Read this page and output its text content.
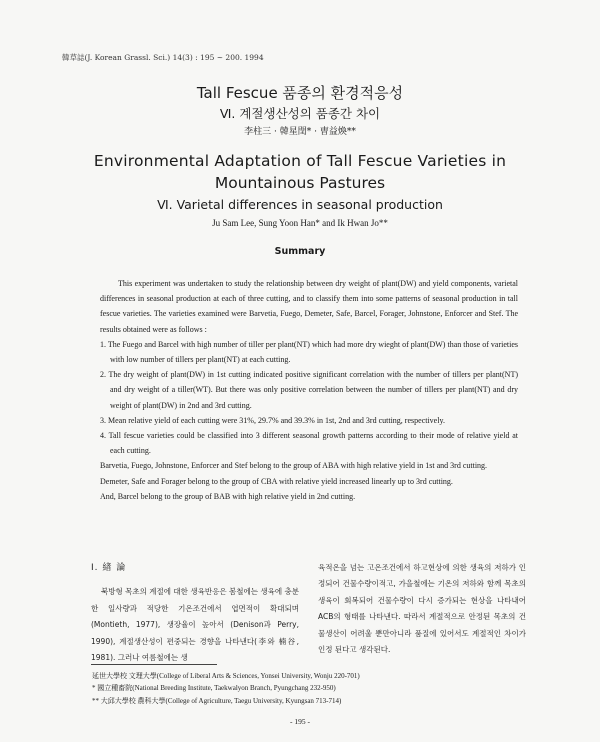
韓草誌(J. Korean Grassl. Sci.) 14(3) : 195 ~ 200. 1994
Tall Fescue 품종의 환경적응성
Ⅵ. 계절생산성의 품종간 차이
李柱三 · 韓星閏* · 曺益煥**
Environmental Adaptation of Tall Fescue Varieties in
Mountainous Pastures
Ⅵ. Varietal differences in seasonal production
Ju Sam Lee, Sung Yoon Han* and Ik Hwan Jo**
Summary

This experiment was undertaken to study the relationship between dry weight of plant(DW) and yield components, varietal differences in seasonal production at each of three cutting, and to classify them into some patterns of seasonal production in tall fescue varieties. The varieties examined were Barvetia, Fuego, Demeter, Safe, Barcel, Forager, Johnstone, Enforcer and Stef. The results obtained were as follows :

1. The Fuego and Barcel with high number of tiller per plant(NT) which had more dry wieght of plant(DW) than those of varieties with low number of tillers per plant(NT) at each cutting.

2. The dry weight of plant(DW) in 1st cutting indicated positive significant correlation with the number of tillers per plant(NT) and dry weight of a tiller(WT). But there was only positive correlation between the number of tillers per plant(NT) and dry weight of plant(DW) in 2nd and 3rd cutting.

3. Mean relative yield of each cutting were 31%, 29.7% and 39.3% in 1st, 2nd and 3rd cutting, respectively.

4. Tall fescue varieties could be classified into 3 different seasonal growth patterns according to their mode of relative yield at each cutting.

Barvetia, Fuego, Johnstone, Enforcer and Stef belong to the group of ABA with high relative yield in 1st and 3rd cutting.

Demeter, Safe and Forager belong to the group of CBA with relative yield increased linearly up to 3rd cutting.

And, Barcel belong to the group of BAB with high relative yield in 2nd cutting.

Ⅰ. 緖 論

북방형 목초의 계절에 대한 생육반응은 봄철에는 생육에 충분한 일사량과 적당한 기온조건에서 엽면적이 확대되며(Montieth, 1977), 생장율이 높아서 (Denison과 Perry, 1990), 계절생산성이 편중되는 경향을 나타낸다(李와 楠谷, 1981). 그러나 여름철에는 생

육적온을 넘는 고온조건에서 하고현상에 의한 생육의 저하가 인정되어 건물수량이적고, 가을철에는 기온의 저하와 함께 목초의 생육이 회복되어 건물수량이 다시 증가되는 현상을 나타내어 ACB의 형태를 나타낸다. 따라서 계절적으로 안정된 목초의 건물생산이 어려울 뿐만아니라 품질에 있어서도 계절적인 차이가 인정 된다고 생각된다.

延世大學校 文理大學(College of Liberal Arts & Sciences, Yonsei University, Wonju 220-701)
* 國立種畜院(National Breeding Institute, Taekwalyon Branch, Pyungchang 232-950)
** 大邱大學校 農科大學(College of Agriculture, Taegu University, Kyungsan 713-714)
- 195 -
